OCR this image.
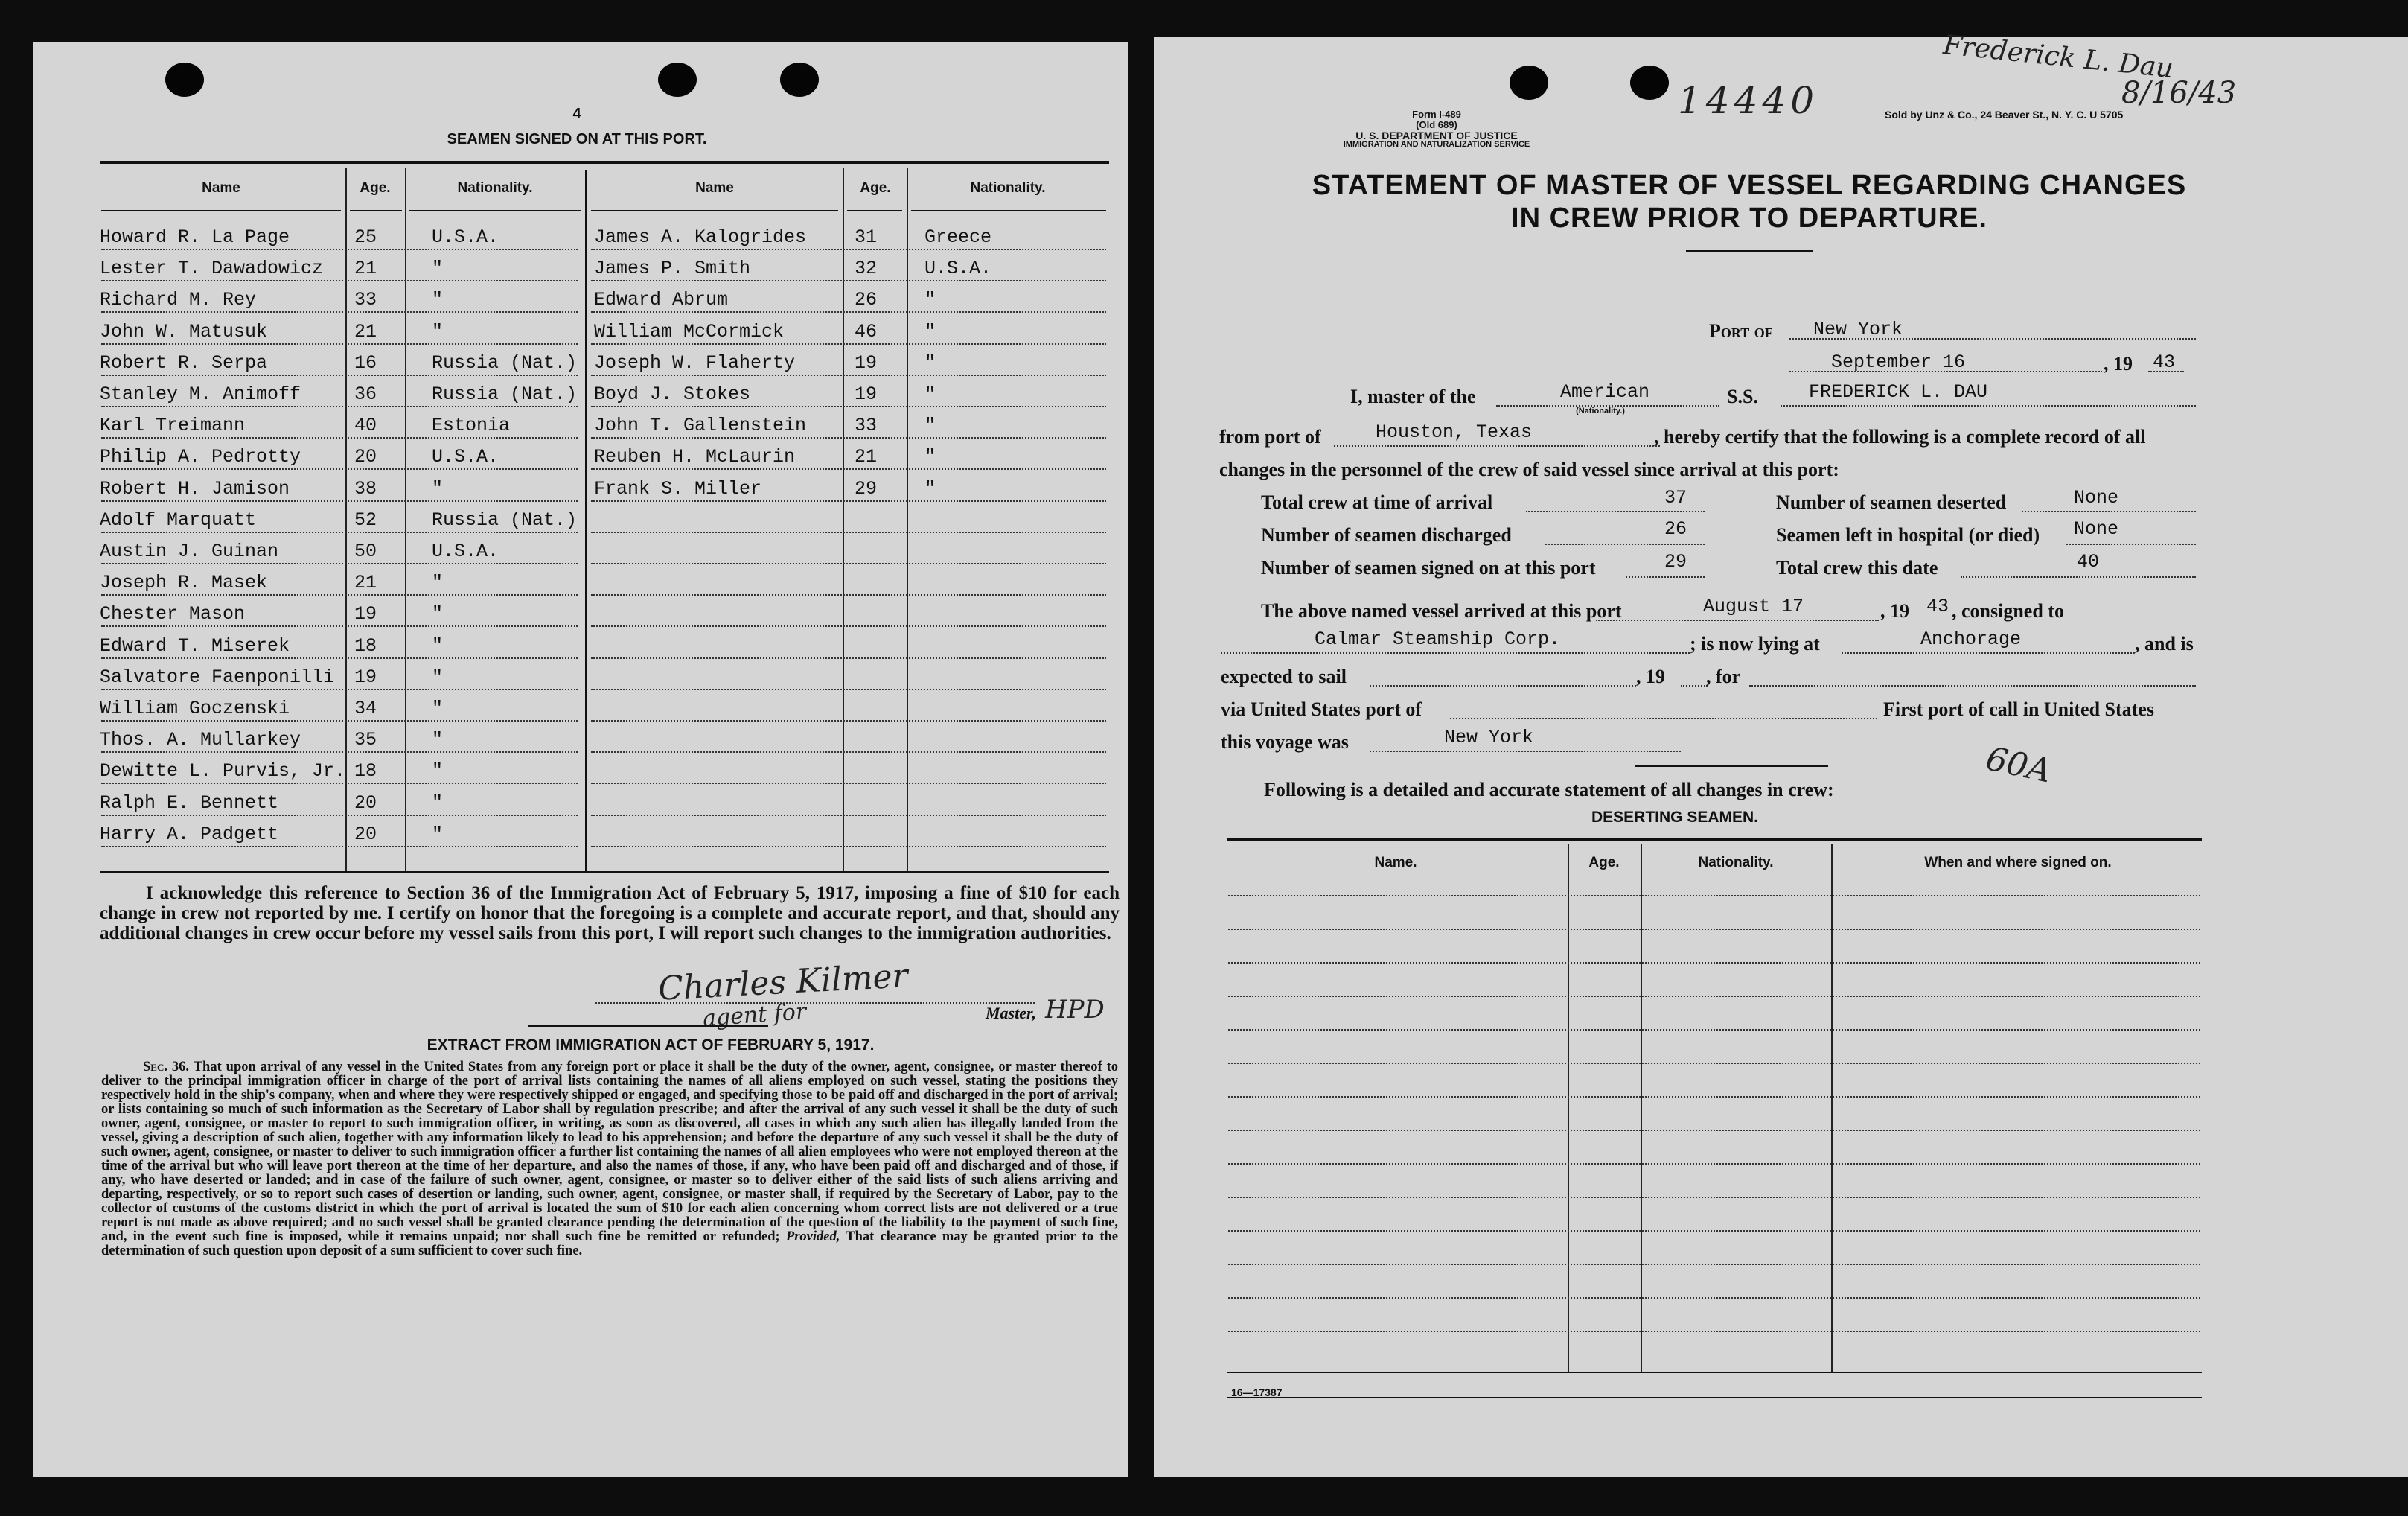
4
SEAMEN SIGNED ON AT THIS PORT.
Name	Age.	Nationality.	Name	Age.	Nationality.
Howard R. La Page	25	U.S.A.
Lester T. Dawadowicz 21	"
Richard M. Rey	33	"
John W. Matusuk	21	"
Robert R. Serpa	16	Russia (Nat.)
Stanley M. Animoff	36	Russia (Nat.)
Karl Treimann	40	Estonia
Philip A. Pedrotty	20	U.S.A.
Robert H. Jamison	38	"
Adolf Marquatt	52	Russia (Nat.)
Austin J. Guinan	50	U.S.A.
Joseph R. Masek	21	"
Chester Mason	19	"
Edward T. Miserek	18	"
Salvatore Faenponilli 19	"
William Goczenski	34	"
Thos. A. Mullarkey	35	"
Dewitte L. Purvis, Jr. 18	"
Ralph E. Bennett	20	"
Harry A. Padgett	20	"
James A. Kalogrides	31	Greece
James P. Smith	32	U.S.A.
Edward Abrum	26	"
William McCormick	46	"
Joseph W. Flaherty	19	"
Boyd J. Stokes	19	"
John T. Gallenstein	33	"
Reuben H. McLaurin	21	"
Frank S. Miller	29	"
I acknowledge this reference to Section 36 of the Immigration Act of February 5, 1917, imposing a fine of $10 for each change in crew not reported by me. I certify on honor that the foregoing is a complete and accurate report, and that, should any additional changes in crew occur before my vessel sails from this port, I will report such changes to the immigration authorities.
Charles Kilmer
agent for	Master, HPD
EXTRACT FROM IMMIGRATION ACT OF FEBRUARY 5, 1917.
Sec. 36. That upon arrival of any vessel in the United States from any foreign port or place it shall be the duty of the owner, agent, consignee, or master thereof to deliver to the principal immigration officer in charge of the port of arrival lists containing the names of all aliens employed on such vessel, stating the positions they respectively hold in the ship's company, when and where they were respectively shipped or engaged, and specifying those to be paid off and discharged in the port of arrival; or lists containing so much of such information as the Secretary of Labor shall by regulation prescribe; and after the arrival of any such vessel it shall be the duty of such owner, agent, consignee, or master to report to such immigration officer, in writing, as soon as discovered, all cases in which any such alien has illegally landed from the vessel, giving a description of such alien, together with any information likely to lead to his apprehension; and before the departure of any such vessel it shall be the duty of such owner, agent, consignee, or master to deliver to such immigration officer a further list containing the names of all alien employees who were not employed thereon at the time of the arrival but who will leave port thereon at the time of her departure, and also the names of those, if any, who have been paid off and discharged and of those, if any, who have deserted or landed; and in case of the failure of such owner, agent, consignee, or master so to deliver either of the said lists of such aliens arriving and departing, respectively, or so to report such cases of desertion or landing, such owner, agent, consignee, or master shall, if required by the Secretary of Labor, pay to the collector of customs of the customs district in which the port of arrival is located the sum of $10 for each alien concerning whom correct lists are not delivered or a true report is not made as above required; and no such vessel shall be granted clearance pending the determination of the question of the liability to the payment of such fine, and, in the event such fine is imposed, while it remains unpaid; nor shall such fine be remitted or refunded; Provided, That clearance may be granted prior to the determination of such question upon deposit of a sum sufficient to cover such fine.
14440
Frederick L. Dau
8/16/43
Form I-489
(Old 689)
U. S. DEPARTMENT OF JUSTICE
IMMIGRATION AND NATURALIZATION SERVICE
Sold by Unz & Co., 24 Beaver St., N. Y. C. U 5705
STATEMENT OF MASTER OF VESSEL REGARDING CHANGES
IN CREW PRIOR TO DEPARTURE.
Port of New York
September 16	, 19 43
I, master of the	American
(Nationality.)
S.S.	FREDERICK L. DAU
from port of	Houston, Texas	, hereby certify that the following is a complete record of all
changes in the personnel of the crew of said vessel since arrival at this port:
Total crew at time of arrival	37	Number of seamen deserted	None
Number of seamen discharged	26	Seamen left in hospital (or died) None
Number of seamen signed on at this port	29	Total crew this date	40
The above named vessel arrived at this port	August 17	, 19 43 , consigned to
Calmar Steamship Corp.	; is now lying at	Anchorage	, and is
expected to sail	, 19 , for
via United States port of	First port of call in United States
this voyage was	New York
60A
Following is a detailed and accurate statement of all changes in crew:
DESERTING SEAMEN.
Name.	Age.	Nationality.	When and where signed on.
16—17387
